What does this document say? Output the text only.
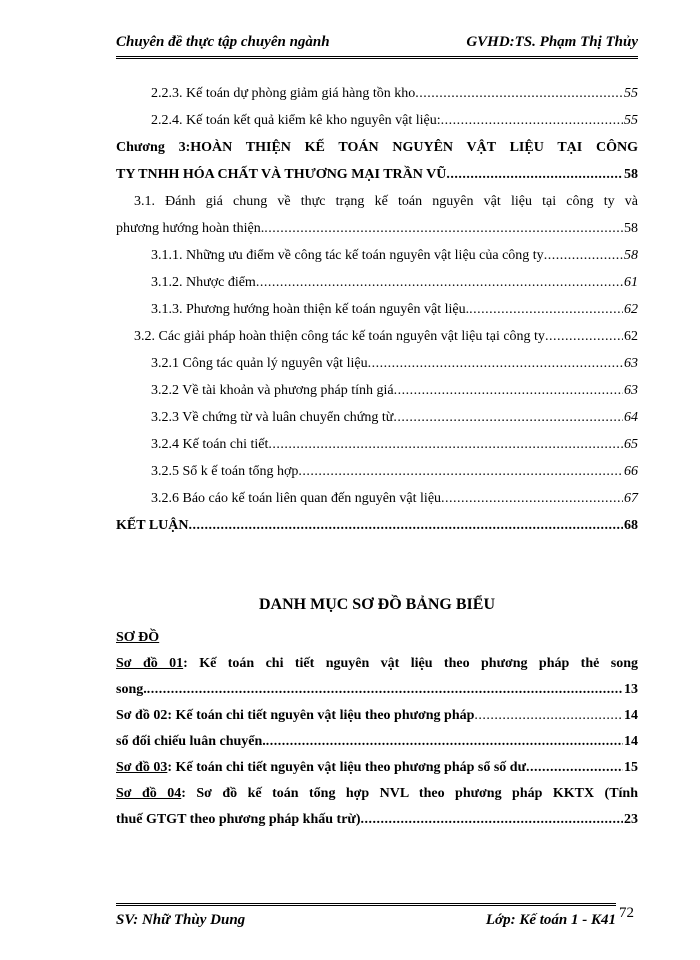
Chuyên đề thực tập chuyên ngành	GVHD:TS. Phạm Thị Thủy
2.2.3. Kế toán dự phòng giảm giá hàng tồn kho .....	55
2.2.4. Kế toán kết quả kiểm kê kho nguyên vật liệu: .....	55
Chương 3:HOÀN THIỆN KẾ TOÁN NGUYÊN VẬT LIỆU TẠI CÔNG
TY TNHH HÓA CHẤT VÀ THƯƠNG MẠI TRẦN VŨ .....	58
3.1. Đánh giá chung về thực trạng kế toán nguyên vật liệu tại công ty và
phương hướng hoàn thiện. .....	58
3.1.1. Những ưu điểm về công tác kế toán nguyên vật liệu của công ty .....	58
3.1.2. Nhược điểm .....	61
3.1.3. Phương hướng hoàn thiện kế toán nguyên vật liệu. .....	62
3.2. Các giải pháp hoàn thiện công tác kế toán nguyên vật liệu tại công ty .....	62
3.2.1 Công tác quản lý nguyên vật liệu .....	63
3.2.2 Về tài khoản và phương pháp tính giá .....	63
3.2.3 Về chứng từ và luân chuyển chứng từ .....	64
3.2.4 Kế toán chi tiết .....	65
3.2.5 Sổ k ế toán tổng hợp .....	66
3.2.6 Báo cáo kế toán liên quan đến nguyên vật liệu .....	67
KẾT LUẬN .....	68
DANH MỤC SƠ ĐỒ BẢNG BIỂU
SƠ ĐỒ
Sơ đồ 01: Kế toán chi tiết nguyên vật liệu theo phương pháp thẻ song
song. .....	13
Sơ đồ 02: Kế toán chi tiết nguyên vật liệu theo phương pháp .....	14
sổ đối chiếu luân chuyển. .....	14
Sơ đồ 03: Kế toán chi tiết nguyên vật liệu theo phương pháp sổ số dư .....	15
Sơ đồ 04: Sơ đồ kế toán tổng hợp NVL theo phương pháp KKTX (Tính
thuế GTGT theo phương pháp khấu trừ) .....	23
SV: Nhữ Thùy Dung	Lớp: Kế toán 1 - K41 72
